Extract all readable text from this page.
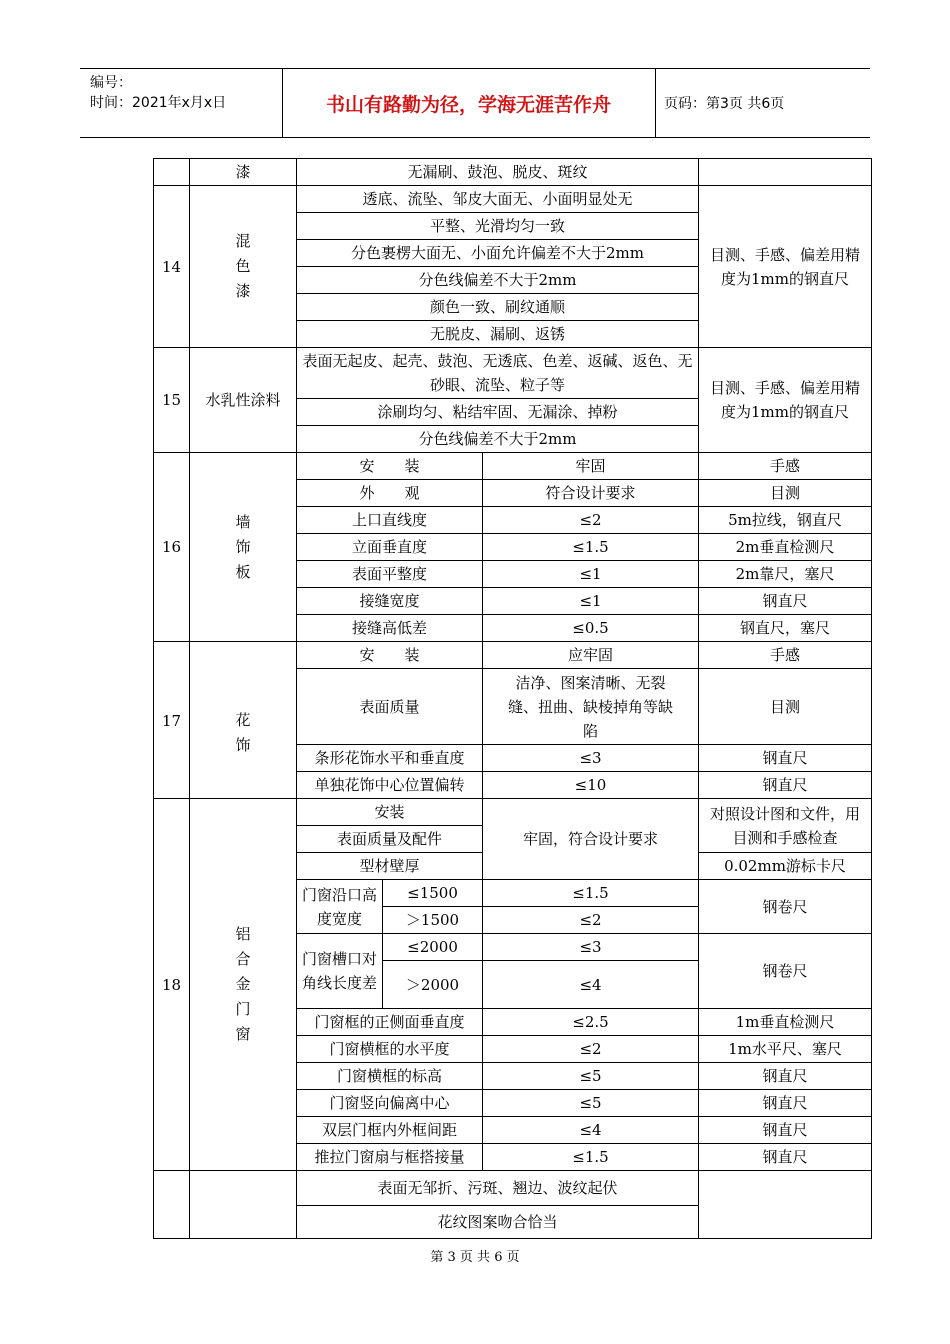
编号：
时间：2021年x月x日	书山有路勤为径，学海无涯苦作舟	页码：第3页 共6页
	漆	无漏刷、鼓泡、脱皮、斑纹			
14	混色漆	透底、流坠、邹皮大面无、小面明显处无			目测、手感、偏差用精度为1mm的钢直尺
		平整、光滑均匀一致			
		分色裹楞大面无、小面允许偏差不大于2mm			
		分色线偏差不大于2mm			
		颜色一致、刷纹通顺			
		无脱皮、漏刷、返锈			
15	水乳性涂料	表面无起皮、起壳、鼓泡、无透底、色差、返碱、返色、无砂眼、流坠、粒子等			目测、手感、偏差用精度为1mm的钢直尺
		涂刷均匀、粘结牢固、无漏涂、掉粉			
		分色线偏差不大于2mm			
16	墙饰板	安　　装		牢固	手感
		外　　观		符合设计要求	目测
		上口直线度		≤2	5m拉线，钢直尺
		立面垂直度		≤1.5	2m垂直检测尺
		表面平整度		≤1	2m靠尺，塞尺
		接缝宽度		≤1	钢直尺
		接缝高低差		≤0.5	钢直尺，塞尺
17	花饰	安　　装		应牢固	手感
		表面质量		洁净、图案清晰、无裂缝、扭曲、缺棱掉角等缺陷	目测
		条形花饰水平和垂直度		≤3	钢直尺
		单独花饰中心位置偏转		≤10	钢直尺
18	铝合金门窗	安装		牢固，符合设计要求	对照设计图和文件，用目测和手感检查
		表面质量及配件			
		型材壁厚			0.02mm游标卡尺
		门窗沿口高度宽度	≤1500	≤1.5	钢卷尺
			＞1500	≤2	
		门窗槽口对角线长度差	≤2000	≤3	钢卷尺
			＞2000	≤4	
		门窗框的正侧面垂直度		≤2.5	1m垂直检测尺
		门窗横框的水平度		≤2	1m水平尺、塞尺
		门窗横框的标高		≤5	钢直尺
		门窗竖向偏离中心		≤5	钢直尺
		双层门框内外框间距		≤4	钢直尺
		推拉门窗扇与框搭接量		≤1.5	钢直尺
		表面无邹折、污斑、翘边、波纹起伏			
		花纹图案吻合恰当			
第 3 页 共 6 页
